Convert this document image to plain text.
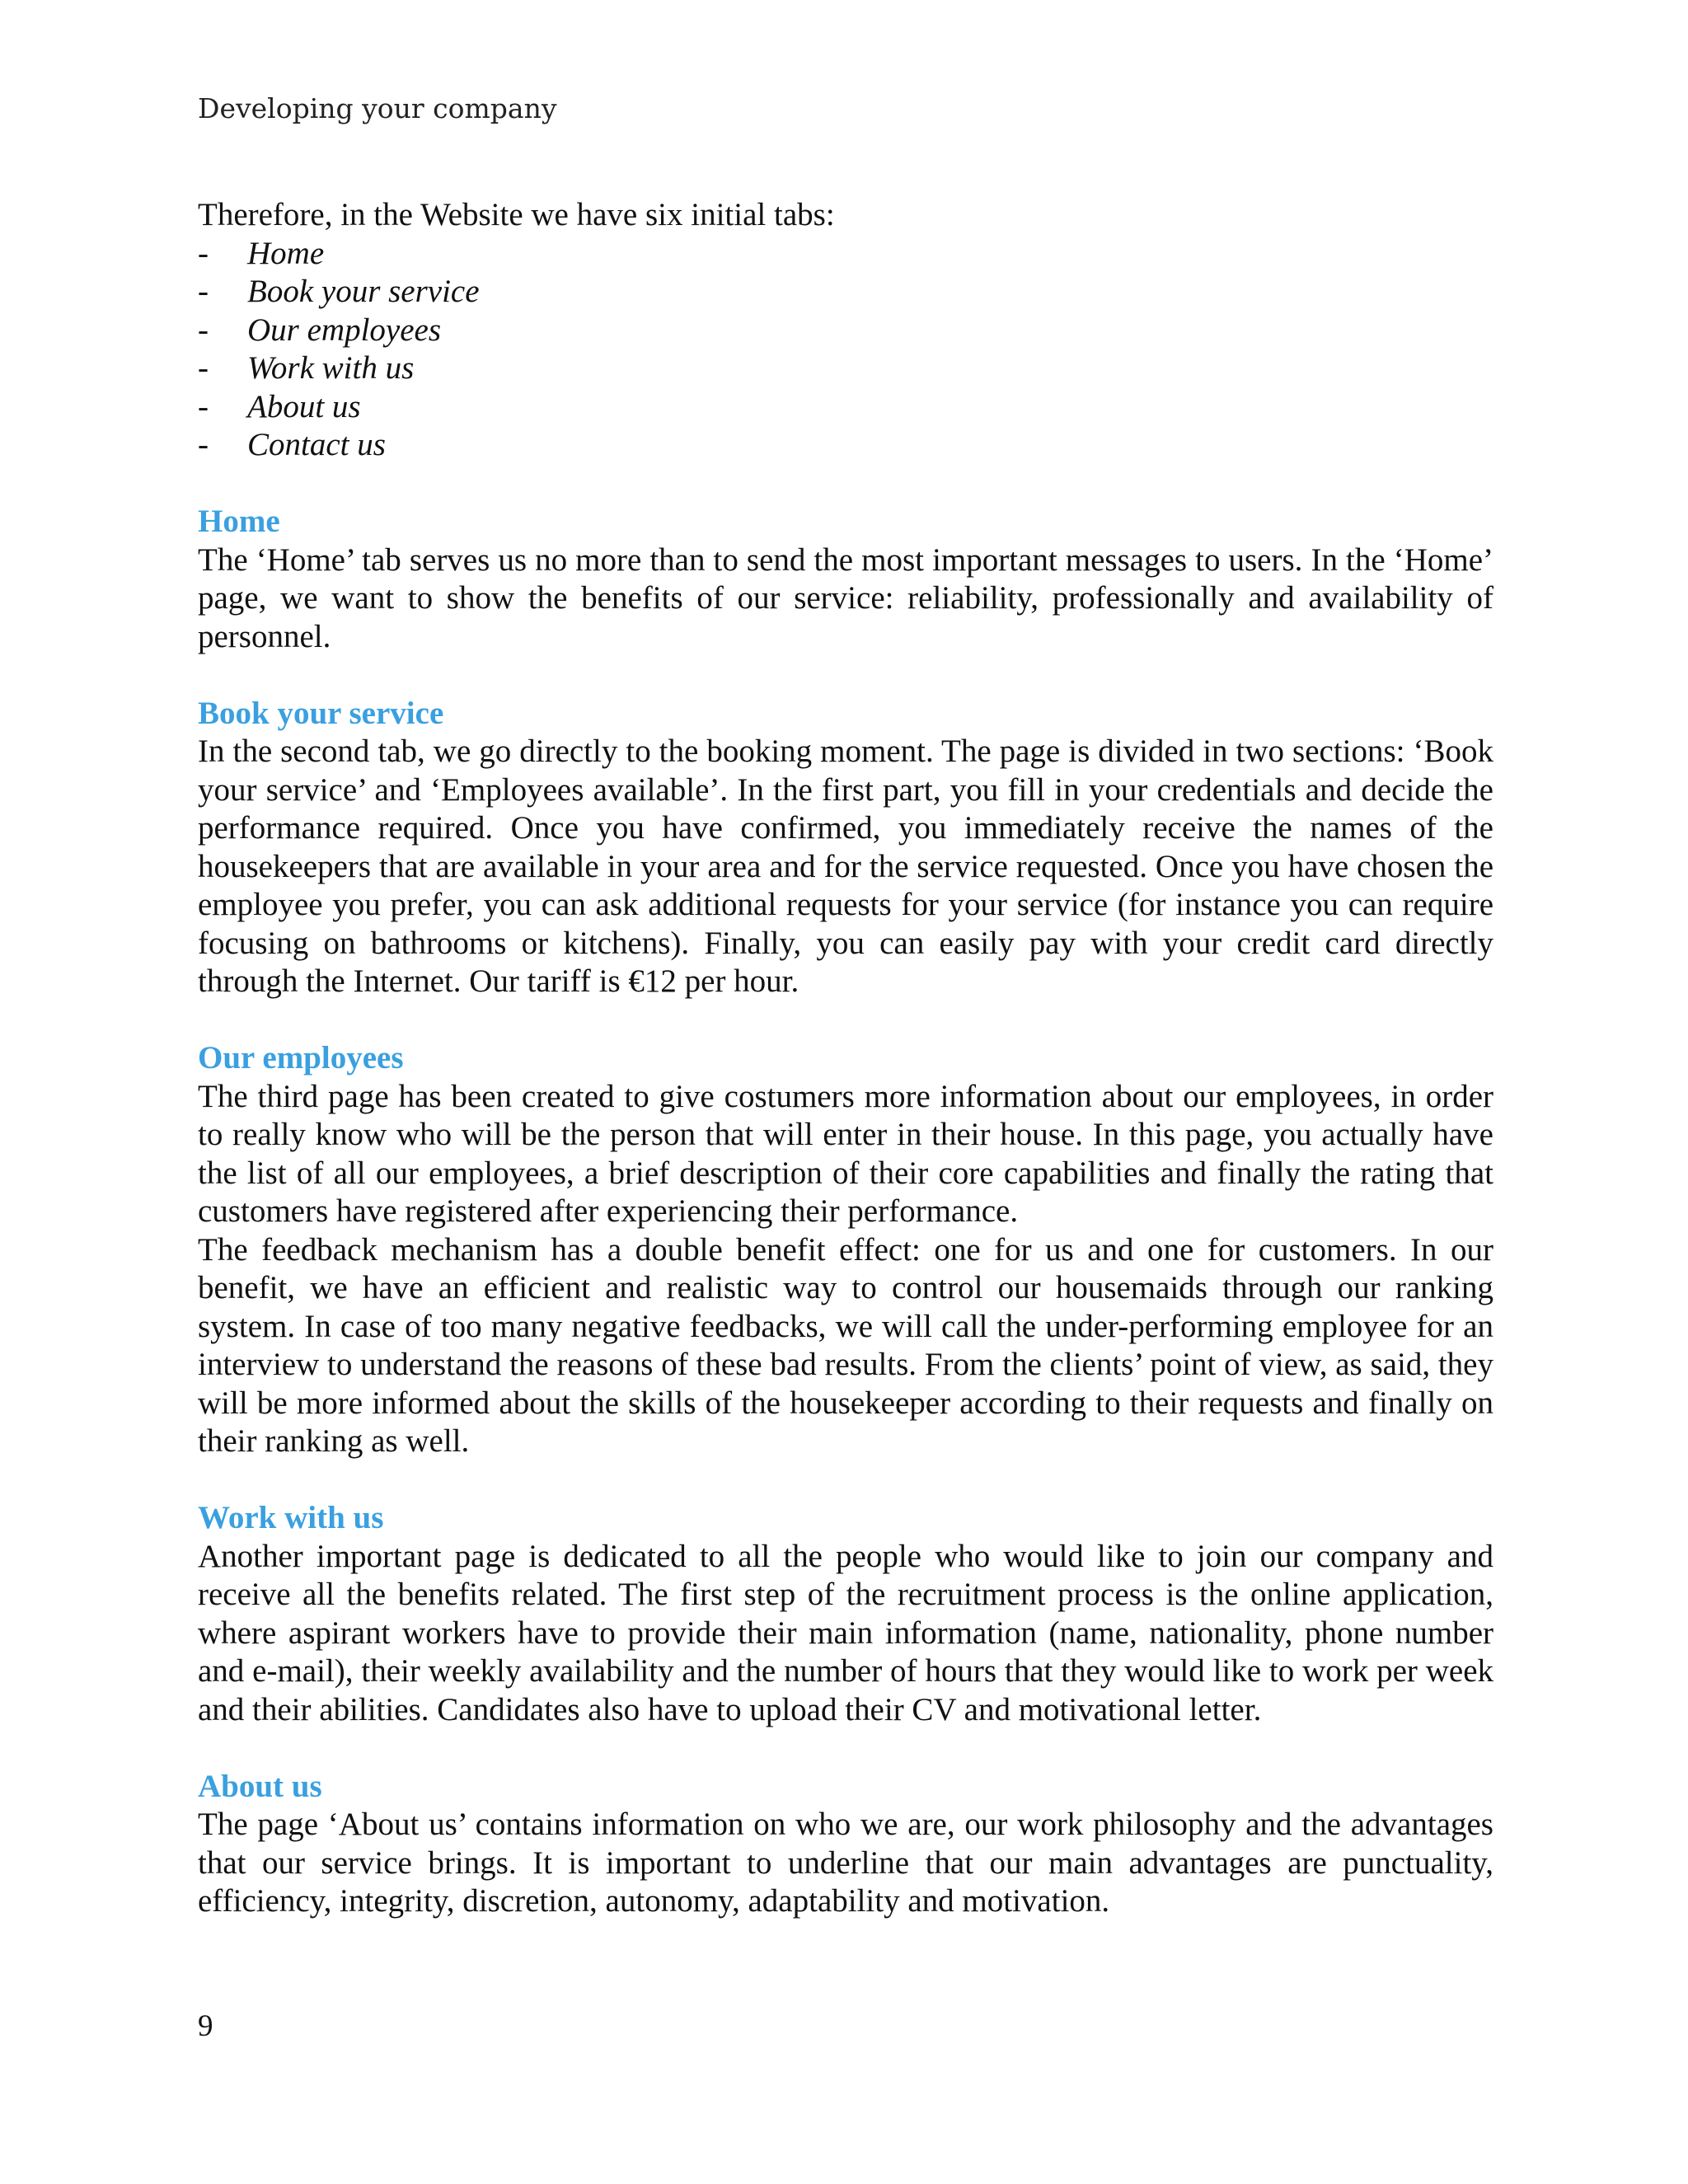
Developing your company

Therefore, in the Website we have six initial tabs:

-	Home
-	Book your service
-	Our employees
-	Work with us
-	About us
-	Contact us
Home

The ‘Home’ tab serves us no more than to send the most important messages to users. In the ‘Home’ page, we want to show the benefits of our service: reliability, professionally and availability of personnel.

Book your service

In the second tab, we go directly to the booking moment. The page is divided in two sections: ‘Book your service’ and ‘Employees available’. In the first part, you fill in your credentials and decide the performance required. Once you have confirmed, you immediately receive the names of the housekeepers that are available in your area and for the service requested. Once you have chosen the employee you prefer, you can ask additional requests for your service (for instance you can require focusing on bathrooms or kitchens). Finally, you can easily pay with your credit card directly through the Internet. Our tariff is €12 per hour.

Our employees

The third page has been created to give costumers more information about our employees, in order to really know who will be the person that will enter in their house. In this page, you actually have the list of all our employees, a brief description of their core capabilities and finally the rating that customers have registered after experiencing their performance.

The feedback mechanism has a double benefit effect: one for us and one for customers. In our benefit, we have an efficient and realistic way to control our housemaids through our ranking system. In case of too many negative feedbacks, we will call the under-performing employee for an interview to understand the reasons of these bad results. From the clients’ point of view, as said, they will be more informed about the skills of the housekeeper according to their requests and finally on their ranking as well.

Work with us

Another important page is dedicated to all the people who would like to join our company and receive all the benefits related. The first step of the recruitment process is the online application, where aspirant workers have to provide their main information (name, nationality, phone number and e-mail), their weekly availability and the number of hours that they would like to work per week and their abilities. Candidates also have to upload their CV and motivational letter.

About us

The page ‘About us’ contains information on who we are, our work philosophy and the advantages that our service brings. It is important to underline that our main advantages are punctuality, efficiency, integrity, discretion, autonomy, adaptability and motivation.

9
